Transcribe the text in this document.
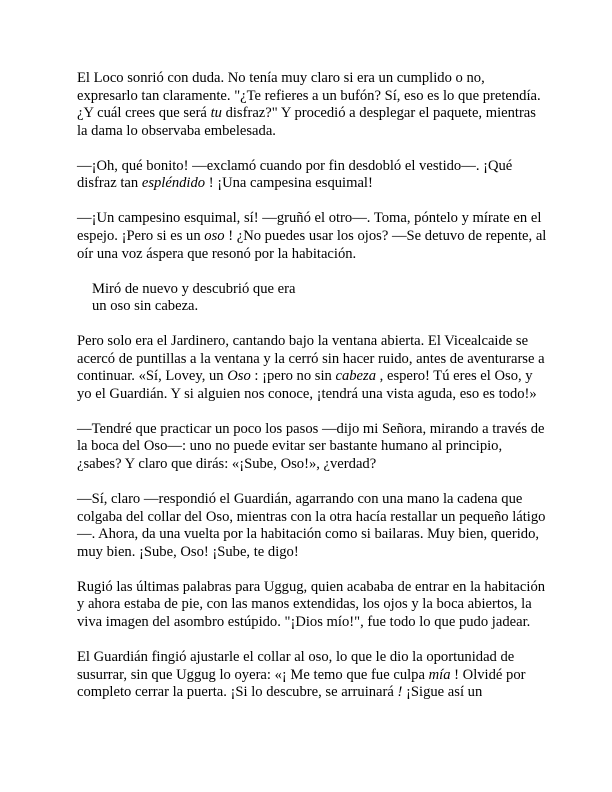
El Loco sonrió con duda. No tenía muy claro si era un cumplido o no, expresarlo tan claramente. "¿Te refieres a un bufón? Sí, eso es lo que pretendía. ¿Y cuál crees que será tu disfraz?" Y procedió a desplegar el paquete, mientras la dama lo observaba embelesada.

—¡Oh, qué bonito! —exclamó cuando por fin desdobló el vestido—. ¡Qué disfraz tan espléndido ! ¡Una campesina esquimal!

—¡Un campesino esquimal, sí! —gruñó el otro—. Toma, póntelo y mírate en el espejo. ¡Pero si es un oso ! ¿No puedes usar los ojos? —Se detuvo de repente, al oír una voz áspera que resonó por la habitación.

Miró de nuevo y descubrió que era
un oso sin cabeza.

Pero solo era el Jardinero, cantando bajo la ventana abierta. El Vicealcaide se acercó de puntillas a la ventana y la cerró sin hacer ruido, antes de aventurarse a continuar. «Sí, Lovey, un Oso : ¡pero no sin cabeza , espero! Tú eres el Oso, y yo el Guardián. Y si alguien nos conoce, ¡tendrá una vista aguda, eso es todo!»

—Tendré que practicar un poco los pasos —dijo mi Señora, mirando a través de la boca del Oso—: uno no puede evitar ser bastante humano al principio, ¿sabes? Y claro que dirás: «¡Sube, Oso!», ¿verdad?

—Sí, claro —respondió el Guardián, agarrando con una mano la cadena que colgaba del collar del Oso, mientras con la otra hacía restallar un pequeño látigo—. Ahora, da una vuelta por la habitación como si bailaras. Muy bien, querido, muy bien. ¡Sube, Oso! ¡Sube, te digo!

Rugió las últimas palabras para Uggug, quien acababa de entrar en la habitación y ahora estaba de pie, con las manos extendidas, los ojos y la boca abiertos, la viva imagen del asombro estúpido. "¡Dios mío!", fue todo lo que pudo jadear.

El Guardián fingió ajustarle el collar al oso, lo que le dio la oportunidad de susurrar, sin que Uggug lo oyera: «¡ Me temo que fue culpa mía ! Olvidé por completo cerrar la puerta. ¡Si lo descubre, se arruinará ! ¡Sigue así un
